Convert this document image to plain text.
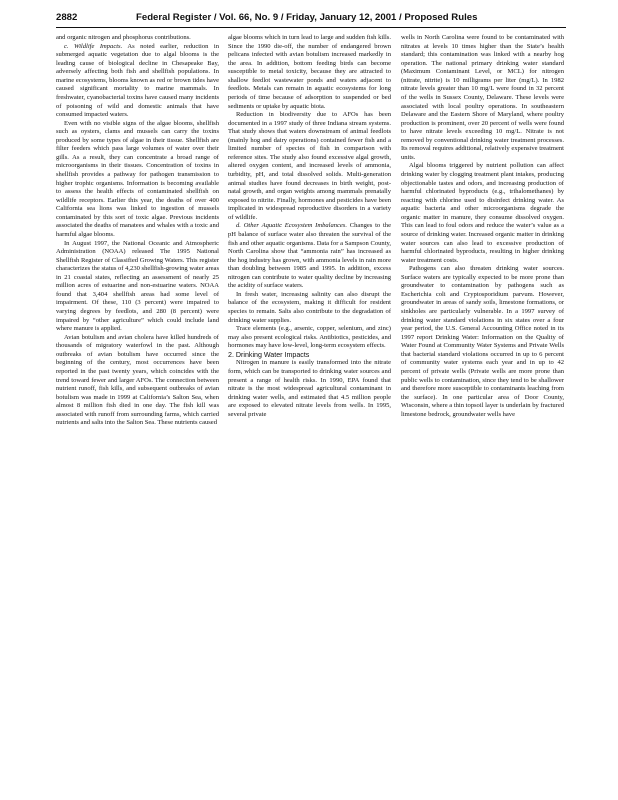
2882	Federal Register / Vol. 66, No. 9 / Friday, January 12, 2001 / Proposed Rules

and organic nitrogen and phosphorus contributions.

c. Wildlife Impacts. As noted earlier, reduction in submerged aquatic vegetation due to algal blooms is the leading cause of biological decline in Chesapeake Bay, adversely affecting both fish and shellfish populations. In marine ecosystems, blooms known as red or brown tides have caused significant mortality to marine mammals. In freshwater, cyanobacterial toxins have caused many incidents of poisoning of wild and domestic animals that have consumed impacted waters.

Even with no visible signs of the algae blooms, shellfish such as oysters, clams and mussels can carry the toxins produced by some types of algae in their tissue. Shellfish are filter feeders which pass large volumes of water over their gills. As a result, they can concentrate a broad range of microorganisms in their tissues. Concentration of toxins in shellfish provides a pathway for pathogen transmission to higher trophic organisms. Information is becoming available to assess the health effects of contaminated shellfish on wildlife receptors. Earlier this year, the deaths of over 400 California sea lions was linked to ingestion of mussels contaminated by this sort of toxic algae. Previous incidents associated the deaths of manatees and whales with a toxic and harmful algae blooms.

In August 1997, the National Oceanic and Atmospheric Administration (NOAA) released The 1995 National Shellfish Register of Classified Growing Waters. This register characterizes the status of 4,230 shellfish-growing water areas in 21 coastal states, reflecting an assessment of nearly 25 million acres of estuarine and non-estuarine waters. NOAA found that 3,404 shellfish areas had some level of impairment. Of these, 110 (3 percent) were impaired to varying degrees by feedlots, and 280 (8 percent) were impaired by “other agriculture” which could include land where manure is applied.

Avian botulism and avian cholera have killed hundreds of thousands of migratory waterfowl in the past. Although outbreaks of avian botulism have occurred since the beginning of the century, most occurrences have been reported in the past twenty years, which coincides with the trend toward fewer and larger AFOs. The connection between nutrient runoff, fish kills, and subsequent outbreaks of avian botulism was made in 1999 at California’s Salton Sea, when almost 8 million fish died in one day. The fish kill was associated with runoff from surrounding farms, which carried nutrients and salts into the Salton Sea. These nutrients caused

algae blooms which in turn lead to large and sudden fish kills. Since the 1990 die-off, the number of endangered brown pelicans infected with avian botulism increased markedly in the area. In addition, bottom feeding birds can become susceptible to metal toxicity, because they are attracted to shallow feedlot wastewater ponds and waters adjacent to feedlots. Metals can remain in aquatic ecosystems for long periods of time because of adsorption to suspended or bed sediments or uptake by aquatic biota.

Reduction in biodiversity due to AFOs has been documented in a 1997 study of three Indiana stream systems. That study shows that waters downstream of animal feedlots (mainly hog and dairy operations) contained fewer fish and a limited number of species of fish in comparison with reference sites. The study also found excessive algal growth, altered oxygen content, and increased levels of ammonia, turbidity, pH, and total dissolved solids. Multi-generation animal studies have found decreases in birth weight, post-natal growth, and organ weights among mammals prenatally exposed to nitrite. Finally, hormones and pesticides have been implicated in widespread reproductive disorders in a variety of wildlife.

d. Other Aquatic Ecosystem Imbalances. Changes to the pH balance of surface water also threaten the survival of the fish and other aquatic organisms. Data for a Sampson County, North Carolina show that “ammonia rain” has increased as the hog industry has grown, with ammonia levels in rain more than doubling between 1985 and 1995. In addition, excess nitrogen can contribute to water quality decline by increasing the acidity of surface waters.

In fresh water, increasing salinity can also disrupt the balance of the ecosystem, making it difficult for resident species to remain. Salts also contribute to the degradation of drinking water supplies.

Trace elements (e.g., arsenic, copper, selenium, and zinc) may also present ecological risks. Antibiotics, pesticides, and hormones may have low-level, long-term ecosystem effects.

2. Drinking Water Impacts

Nitrogen in manure is easily transformed into the nitrate form, which can be transported to drinking water sources and present a range of health risks. In 1990, EPA found that nitrate is the most widespread agricultural contaminant in drinking water wells, and estimated that 4.5 million people are exposed to elevated nitrate levels from wells. In 1995, several private

wells in North Carolina were found to be contaminated with nitrates at levels 10 times higher than the State’s health standard; this contamination was linked with a nearby hog operation. The national primary drinking water standard (Maximum Contaminant Level, or MCL) for nitrogen (nitrate, nitrite) is 10 milligrams per liter (mg/L). In 1982 nitrate levels greater than 10 mg/L were found in 32 percent of the wells in Sussex County, Delaware. These levels were associated with local poultry operations. In southeastern Delaware and the Eastern Shore of Maryland, where poultry production is prominent, over 20 percent of wells were found to have nitrate levels exceeding 10 mg/L. Nitrate is not removed by conventional drinking water treatment processes. Its removal requires additional, relatively expensive treatment units.

Algal blooms triggered by nutrient pollution can affect drinking water by clogging treatment plant intakes, producing objectionable tastes and odors, and increasing production of harmful chlorinated byproducts (e.g., trihalomethanes) by reacting with chlorine used to disinfect drinking water. As aquatic bacteria and other microorganisms degrade the organic matter in manure, they consume dissolved oxygen. This can lead to foul odors and reduce the water’s value as a source of drinking water. Increased organic matter in drinking water sources can also lead to excessive production of harmful chlorinated byproducts, resulting in higher drinking water treatment costs.

Pathogens can also threaten drinking water sources. Surface waters are typically expected to be more prone than groundwater to contamination by pathogens such as Escherichia coli and Cryptosporidium parvum. However, groundwater in areas of sandy soils, limestone formations, or sinkholes are particularly vulnerable. In a 1997 survey of drinking water standard violations in six states over a four year period, the U.S. General Accounting Office noted in its 1997 report Drinking Water: Information on the Quality of Water Found at Community Water Systems and Private Wells that bacterial standard violations occurred in up to 6 percent of community water systems each year and in up to 42 percent of private wells (Private wells are more prone than public wells to contamination, since they tend to be shallower and therefore more susceptible to contaminants leaching from the surface). In one particular area of Door County, Wisconsin, where a thin topsoil layer is underlain by fractured limestone bedrock, groundwater wells have
